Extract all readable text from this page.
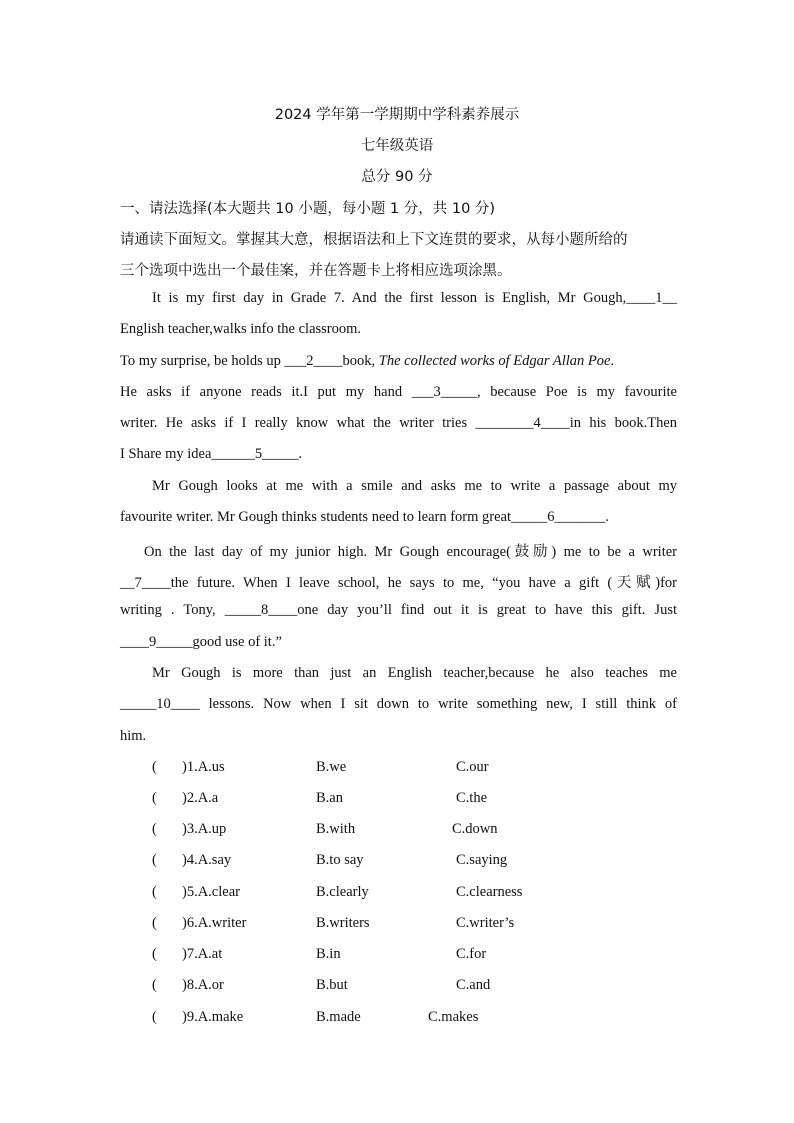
2024 学年第一学期期中学科素养展示
七年级英语
总分 90 分
一、请法选择(本大题共 10 小题，每小题 1 分，共 10 分)
请通读下面短文。掌握其大意，根据语法和上下文连贯的要求，从每小题所给的
三个选项中选出一个最佳案，并在答题卡上将相应选项涂黑。
It is my first day in Grade 7. And the first lesson is English, Mr Gough,____1__
English teacher,walks info the classroom.
To my surprise, be holds up ___2____book, The collected works of Edgar Allan Poe.
He asks if anyone reads it.I put my hand ___3_____, because Poe is my favourite
writer. He asks if I really know what the writer tries ________4____in his book.Then
I Share my idea______5_____.
Mr Gough looks at me with a smile and asks me to write a passage about my
favourite writer. Mr Gough thinks students need to learn form great_____6_______.
On the last day of my junior high. Mr Gough encourage(鼓励) me to be a writer
__7____the future. When I leave school, he says to me, “you have a gift (天赋)for
writing . Tony, _____8____one day you’ll find out it is great to have this gift. Just
____9_____good use of it.”
Mr Gough is more than just an English teacher,because he also teaches me
_____10____ lessons. Now when I sit down to write something new, I still think of
him.
( )1.A.us	B.we	C.our
( )2.A.a	B.an	C.the
( )3.A.up	B.with	C.down
( )4.A.say	B.to say	C.saying
( )5.A.clear	B.clearly	C.clearness
( )6.A.writer	B.writers	C.writer’s
( )7.A.at	B.in	C.for
( )8.A.or	B.but	C.and
( )9.A.make	B.made	C.makes
